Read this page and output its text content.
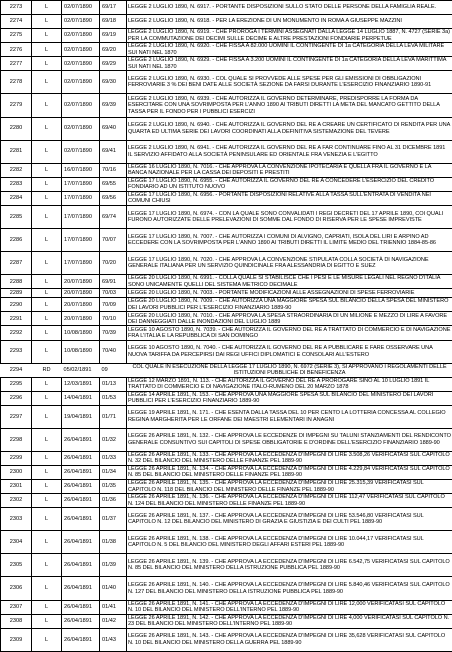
2273	L	02/07/1890	69/17	LEGGE 2 LUGLIO 1890, N. 6917. - PORTANTE DISPOSIZIONI SULLO STATO DELLE PERSONE DELLA FAMIGLIA REALE.
2274	L	02/07/1890	69/18	LEGGE 2 LUGLIO 1890, N. 6918. - PER LA EREZIONE DI UN MONUMENTO IN ROMA A GIUSEPPE MAZZINI
2275	L	02/07/1890	69/19	LEGGE 2 LUGLIO 1890, N. 6919. - CHE PROROGA I TERMINI ASSEGNATI DALLA LEGGE 14 LUGLIO 1887, N. 4727 (SERIE 3a) PER LA COMMUTAZIONE DEI DECIMI SULLE DECIME E ALTRE PRESTAZIONI FONDIARIE PERPETUE
2276	L	02/07/1890	69/20	LEGGE 2 LUGLIO 1890, N. 6920. - CHE FISSA A 82.000 UOMINI IL CONTINGENTE DI 1a CATEGORIA DELLA LEVA MILITARE SUI NATI NEL 1870
2277	L	02/07/1890	69/29	LEGGE 2 LUGLIO 1890, N. 6929. - CHE FISSA A 3.200 UOMINI IL CONTINGENTE DI 1a CATEGORIA DELLA LEVA MARITTIMA SUI NATI NEL 1870
2278	L	02/07/1890	69/30	LEGGE 2 LUGLIO 1890, N. 6930. - COL QUALE SI PROVVEDE ALLE SPESE PER GLI EMISSIONI DI OBBLIGAZIONI FERROVIARIE 3 % DEI BENI DATE ALLE SOCIETÀ SEZIONE DA FARSI DURANTE L'ESERCIZIO FINANZIARIO 1890-91
2279	L	02/07/1890	69/39	LEGGE 2 LUGLIO 1890, N. 6939. - CHE AUTORIZZA IL GOVERNO DETERMINARE, PREDISPORRE LA FORMA DA ESERCITARE CON UNA SOVRIMPOSTA PER L'ANNO 1890 AI TRIBUTI DIRETTI LA META DEL MANCATO GETTITO DELLA TASSA PER IL FONDO PER I PUBBLICI ESERCIZI
2280	L	02/07/1890	69/40	LEGGE 2 LUGLIO 1890, N. 6940. - CHE AUTORIZZA IL GOVERNO DEL RE A CREARE UN CERTIFICATO DI RENDITA PER UNA QUARTA ED ULTIMA SERIE DEI LAVORI COORDINATI ALLA DEFINITIVA SISTEMAZIONE DEL TEVERE
2281	L	02/07/1890	69/41	LEGGE 2 LUGLIO 1890, N. 6941. - CHE AUTORIZZA IL GOVERNO DEL RE A FAR CONTINUARE FINO AL 31 DICEMBRE 1891 IL SERVIZIO AFFIDATO ALLA SOCIETÀ PENINSULARE ED ORIENTALE FRA VENEZIA E L'EGITTO
2282	L	16/07/1890	70/16	LEGGE 16 LUGLIO 1890, N. 7016. - CHE APPROVA LA CONVENZIONE IPOTECARIA E QUELLA FRA IL GOVERNO E LA BANCA NAZIONALE PER LA CASSA DEI DEPOSITI E PRESTITI
2283	L	17/07/1890	69/55	LEGGE 17 LUGLIO 1890, N. 6955. - CHE AUTORIZZA IL GOVERNO DEL RE A CONCEDERE L'ESERCIZIO DEL CREDITO FONDIARIO AD UN ISTITUTO NUOVO
2284	L	17/07/1890	69/56	LEGGE 17 LUGLIO 1890, N. 6956. - PORTANTE DISPOSIZIONI RELATIVE ALLA TASSA SULL'ENTRATA DI VENDITA NEI COMUNI CHIUSI
2285	L	17/07/1890	69/74	LEGGE 17 LUGLIO 1890, N. 6974. - CON LA QUALE SONO CONVALIDATI I REGI DECRETI DEL 17 APRILE 1890, COI QUALI FURONO AUTORIZZATE DELLE PRELEVAZIONI DI SOMME DAL FONDO DI RISERVA PER LE SPESE IMPREVISTE
2286	L	17/07/1890	70/07	LEGGE 17 LUGLIO 1890, N. 7007. - CHE AUTORIZZA I COMUNI DI ALVIGNO, CAPRIATI, ISOLA DEL LIRI E ARPINO AD ECCEDERE CON LA SOVRIMPOSTA PER L'ANNO 1890 AI TRIBUTI DIRETTI IL LIMITE MEDIO DEL TRIENNIO 1884-85-86
2287	L	17/07/1890	70/20	LEGGE 17 LUGLIO 1890, N. 7020. - CHE APPROVA LA CONVENZIONE STIPULATA COLLA SOCIETÀ DI NAVIGAZIONE GENERALE ITALIANA PER UN SERVIZIO QUINDICINALE FRA ALESSANDRIA DI EGITTO E SUEZ
2288	L	20/07/1890	69/91	LEGGE 20 LUGLIO 1890, N. 6991. - COLLA QUALE SI STABILISCE CHE I PESI E LE MISURE LEGALI NEL REGNO D'ITALIA SONO UNICAMENTE QUELLI DEL SISTEMA METRICO DECIMALE
2289	L	20/07/1890	70/03	LEGGE 20 LUGLIO 1890, N. 7003. - PORTANTE MODIFICAZIONI ALLE ASSEGNAZIONI DI SPESE FERROVIARIE
2290	L	20/07/1890	70/09	LEGGE 20 LUGLIO 1890, N. 7009. - CHE AUTORIZZA UNA MAGGIORE SPESA SUL BILANCIO DELLA SPESA DEL MINISTERO DEI LAVORI PUBBLICI PER L'ESERCIZIO FINANZIARIO 1889-90
2291	L	20/07/1890	70/10	LEGGE 20 LUGLIO 1890, N. 7010. - CHE APPROVA LA SPESA STRAORDINARIA DI UN MILIONE E MEZZO DI LIRE A FAVORE DEI DANNEGGIATI DALLE INONDAZIONI DEL LUGLIO 1889
2292	L	10/08/1890	70/39	LEGGE 10 AGOSTO 1890, N. 7039. - CHE AUTORIZZA IL GOVERNO DEL RE A TRATTATO DI COMMERCIO E DI NAVIGAZIONE FRA L'ITALIA E LA REPUBBLICA DI SAN DOMINGO
2293	L	10/08/1890	70/40	LEGGE 10 AGOSTO 1890, N. 7040. - CHE AUTORIZZA IL GOVERNO DEL RE A PUBBLICARE E FARE OSSERVARE UNA NUOVA TARIFFA DA PERCEPIRSI DAI REGI UFFICI DIPLOMATICI E CONSOLARI ALL'ESTERO
2294	RD	05/02/1891	09	COL QUALE IN ESECUZIONE DELLA LEGGE 17 LUGLIO 1890, N. 6972 (SERIE 3), SI APPROVANO I REGOLAMENTI DELLE ISTITUZIONI PUBBLICHE DI BENEFICENZA
2295	L	12/03/1891	01/13	LEGGE 12 MARZO 1891, N. 113. - CHE AUTORIZZA IL GOVERNO DEL RE A PROROGARE SINO AL 10 LUGLIO 1891 IL TRATTATO DI COMMERCIO E DI NAVIGAZIONE ITALO-RUMENO DEL 20 MARZO 1878
2296	L	14/04/1891	01/53	LEGGE 14 APRILE 1891, N. 153. - CHE APPROVA UNA MAGGIORE SPESA SUL BILANCIO DEL MINISTERO DEI LAVORI PUBBLICI PER L'ESERCIZIO FINANZIARIO 1889-90
2297	L	19/04/1891	01/71	LEGGE 19 APRILE 1891, N. 171. - CHE ESENTA DALLA TASSA DEL 10 PER CENTO LA LOTTERIA CONCESSA AL COLLEGIO REGINA MARGHERITA PER LE ORFANE DEI MAESTRI ELEMENTARI IN ANAGNI
2298	L	26/04/1891	01/32	LEGGE 26 APRILE 1891, N. 132. - CHE APPROVA LE ECCEDENZE DI IMPEGNI SU TALUNI STANZIAMENTI DEL RENDICONTO GENERALE CONSUNTIVO SUI CAPITOLI DI SPESE OBBLIGATORIE E D'ORDINE DELL'ESERCIZIO FINANZIARIO 1889-90
2299	L	26/04/1891	01/33	LEGGE 26 APRILE 1891, N. 133. - CHE APPROVA LA ECCEDENZA D'IMPEGNI DI LIRE 3.508,26 VERIFICATASI SUL CAPITOLO N. 32 DEL BILANCIO DEL MINISTERO DELLE FINANZE PEL 1889-90
2300	L	26/04/1891	01/34	LEGGE 26 APRILE 1891, N. 134. - CHE APPROVA LA ECCEDENZA D'IMPEGNI DI LIRE 4.229,84 VERIFICATASI SUL CAPITOLO N. 85 DEL BILANCIO DEL MINISTERO DELLE FINANZE PEL 1889-90
2301	L	26/04/1891	01/35	LEGGE 26 APRILE 1891, N. 135. - CHE APPROVA LA ECCEDENZA D'IMPEGNI DI LIRE 25.315,39 VERIFICATASI SUL CAPITOLO N. 118 DEL BILANCIO DEL MINISTERO DELLE FINANZE PEL 1889-90
2302	L	26/04/1891	01/36	LEGGE 26 APRILE 1891, N. 136. - CHE APPROVA LA ECCEDENZA D'IMPEGNI DI LIRE 112,47 VERIFICATASI SUL CAPITOLO N. 124 DEL BILANCIO DEL MINISTERO DELLE FINANZE PEL 1889-90
2303	L	26/04/1891	01/37	LEGGE 26 APRILE 1891, N. 137. - CHE APPROVA LA ECCEDENZA D'IMPEGNI DI LIRE 53.546,80 VERIFICATASI SUL CAPITOLO N. 12 DEL BILANCIO DEL MINISTERO DI GRAZIA E GIUSTIZIA E DEI CULTI PEL 1889-90
2304	L	26/04/1891	01/38	LEGGE 26 APRILE 1891, N. 138. - CHE APPROVA LA ECCEDENZA D'IMPEGNI DI LIRE 10.044,17 VERIFICATASI SUL CAPITOLO N. 5 DEL BILANCIO DEL MINISTERO DEGLI AFFARI ESTERI PEL 1889-90
2305	L	26/04/1891	01/39	LEGGE 26 APRILE 1891, N. 139. - CHE APPROVA LA ECCEDENZA D'IMPEGNI DI LIRE 6.542,75 VERIFICATASI SUL CAPITOLO N. 85 DEL BILANCIO DEL MINISTERO DELLA ISTRUZIONE PUBBLICA PEL 1889-90
2306	L	26/04/1891	01/40	LEGGE 26 APRILE 1891, N. 140. - CHE APPROVA LA ECCEDENZA D'IMPEGNI DI LIRE 5.840,46 VERIFICATASI SUL CAPITOLO N. 127 DEL BILANCIO DEL MINISTERO DELLA ISTRUZIONE PUBBLICA PEL 1889-90
2307	L	26/04/1891	01/41	LEGGE 26 APRILE 1891, N. 141. - CHE APPROVA LA ECCEDENZA D'IMPEGNI DI LIRE 12,000 VERIFICATASI SUL CAPITOLO N. 10 DEL BILANCIO DEL MINISTERO DELL'INTERNO PEL 1889-90
2308	L	26/04/1891	01/42	LEGGE 26 APRILE 1891, N. 142. - CHE APPROVA LA ECCEDENZA D'IMPEGNI DI LIRE 4,000 VERIFICATASI SUL CAPITOLO N. 23 DEL BILANCIO DEL MINISTERO DELL'INTERNO PEL 1889-90
2309	L	26/04/1891	01/43	LEGGE 26 APRILE 1891, N. 143. - CHE APPROVA LA ECCEDENZA D'IMPEGNI DI LIRE 35,628 VERIFICATASI SUL CAPITOLO N. 10 DEL BILANCIO DEL MINISTERO DELLA GUERRA PEL 1889-90
